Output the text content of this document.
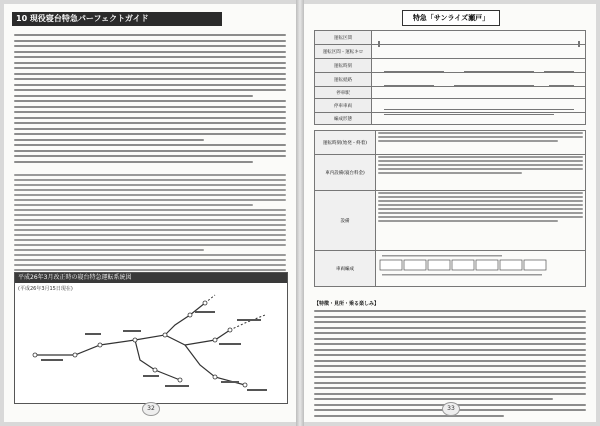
10 現役寝台特急パーフェクトガイド
平成26年3月改正時の寝台特急運転系統図
(平成26年3月15日現在)
32
特急「サンライズ瀬戸」
運転区間	

運転区間・運転キロ	

運転時刻	

運転経路	

停車駅	

停車車両	

編成形態	
運転時刻(始発・終着)	

車内設備(寝台料金)	

設備	

車両編成	
【特徴・見所・乗る楽しみ】
33
